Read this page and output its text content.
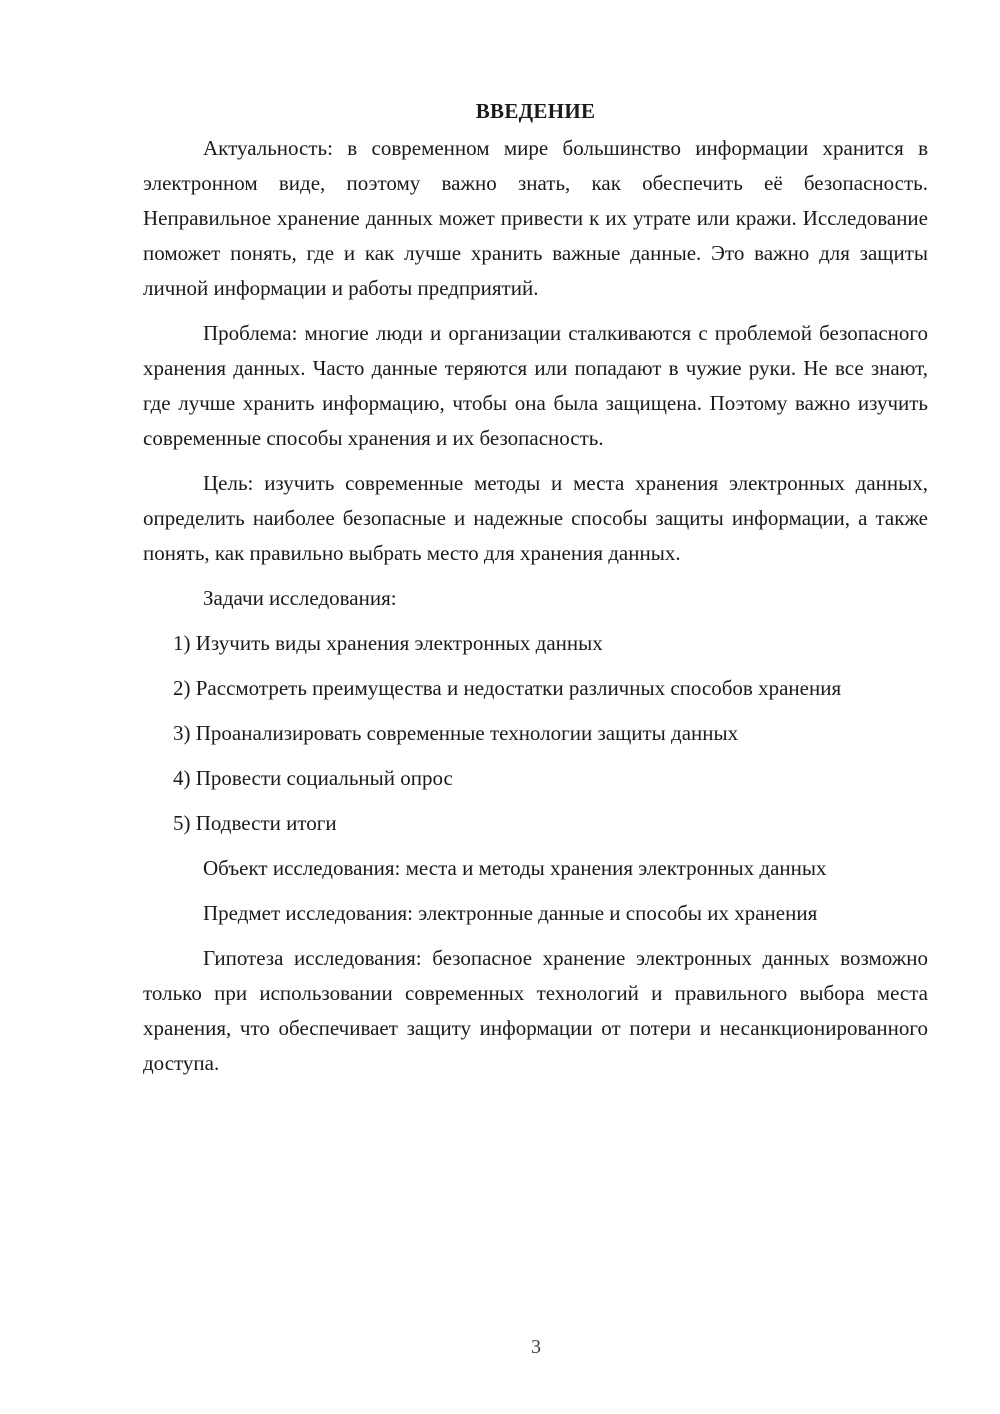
ВВЕДЕНИЕ

Актуальность: в современном мире большинство информации хранится в электронном виде, поэтому важно знать, как обеспечить её безопасность. Неправильное хранение данных может привести к их утрате или кражи. Исследование поможет понять, где и как лучше хранить важные данные. Это важно для защиты личной информации и работы предприятий.

Проблема: многие люди и организации сталкиваются с проблемой безопасного хранения данных. Часто данные теряются или попадают в чужие руки. Не все знают, где лучше хранить информацию, чтобы она была защищена. Поэтому важно изучить современные способы хранения и их безопасность.

Цель: изучить современные методы и места хранения электронных данных, определить наиболее безопасные и надежные способы защиты информации, а также понять, как правильно выбрать место для хранения данных.

Задачи исследования:

1) Изучить виды хранения электронных данных

2) Рассмотреть преимущества и недостатки различных способов хранения

3) Проанализировать современные технологии защиты данных

4) Провести социальный опрос

5) Подвести итоги

Объект исследования: места и методы хранения электронных данных

Предмет исследования: электронные данные и способы их хранения

Гипотеза исследования: безопасное хранение электронных данных возможно только при использовании современных технологий и правильного выбора места хранения, что обеспечивает защиту информации от потери и несанкционированного доступа.

3
